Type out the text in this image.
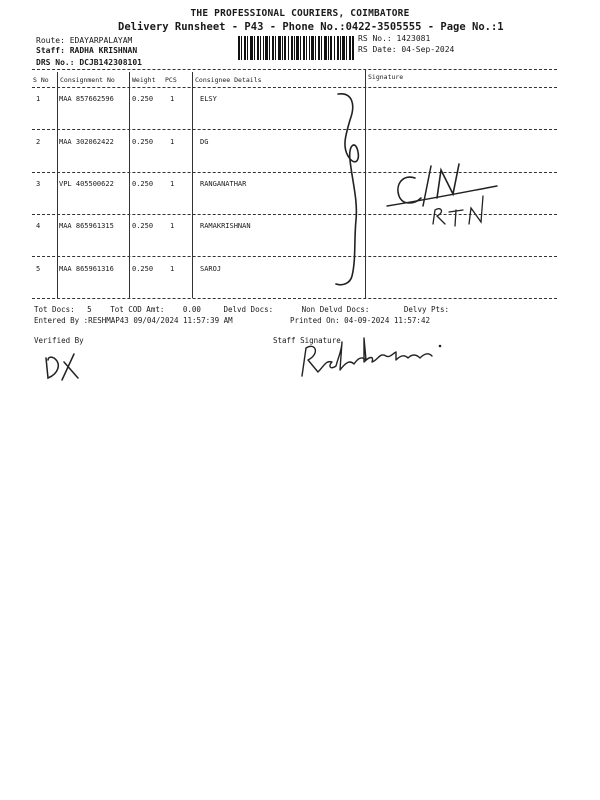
THE PROFESSIONAL COURIERS, COIMBATORE
Delivery Runsheet - P43 - Phone No.:0422-3505555 - Page No.:1
Route: EDAYARPALAYAM
Staff: RADHA KRISHNAN
DRS No.: DCJB142308101
RS No.: 1423081
RS Date: 04-Sep-2024
S No Consignment No	Weight PCS	Consignee Details	Signature
1	MAA 857662596	0.250 1	ELSY
2	MAA 302062422	0.250 1	DG
3	VPL 405500622	0.250 1	RANGANATHAR
4	MAA 865961315	0.250 1	RAMAKRISHNAN
5	MAA 865961316	0.250 1	SAROJ
Tot Docs: 5 Tot COD Amt: 0.00	Delvd Docs:	Non Delvd Docs:	Delvy Pts:
Entered By :RESHMAP43 09/04/2024 11:57:39 AM	Printed On: 04-09-2024 11:57:42
Verified By	Staff Signature
